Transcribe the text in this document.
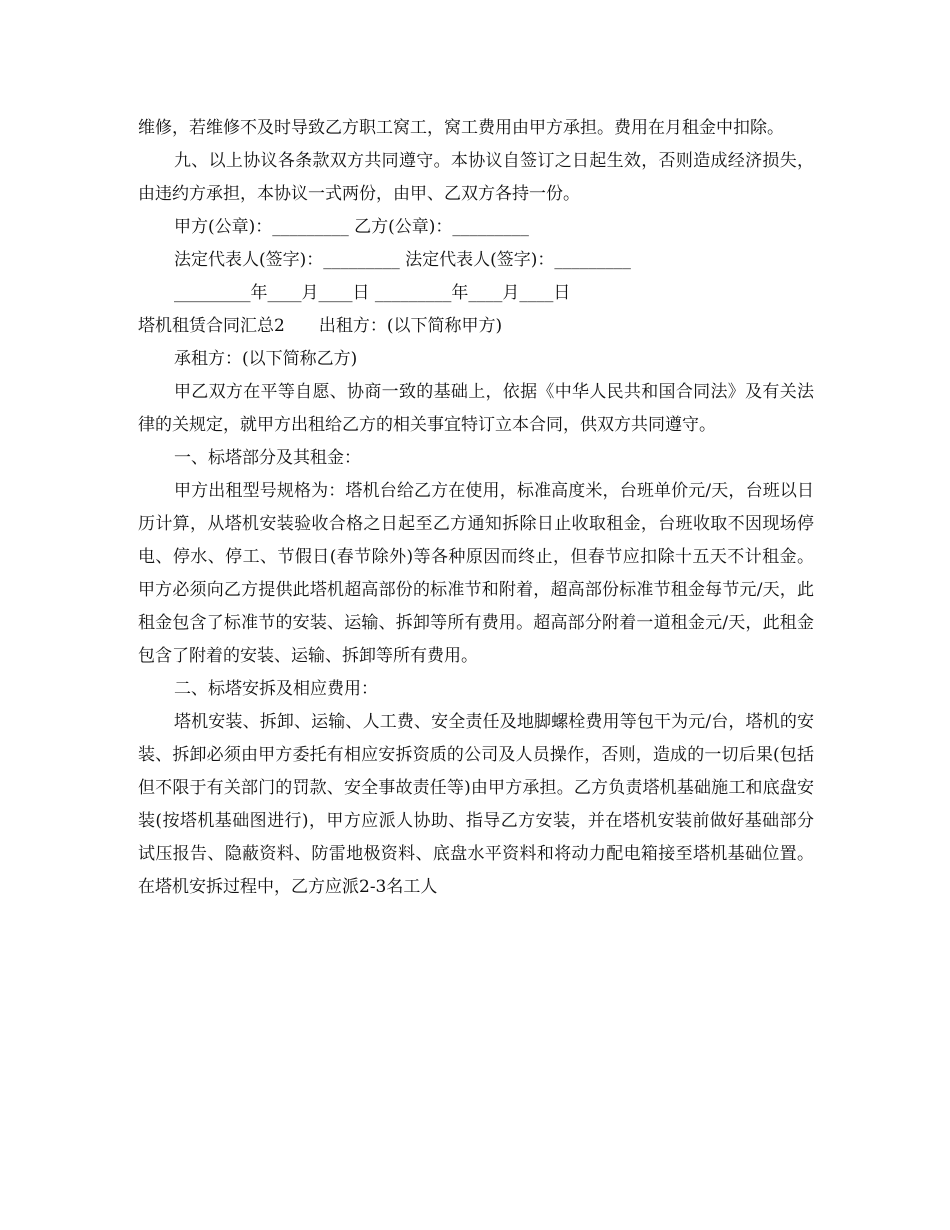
维修，若维修不及时导致乙方职工窝工，窝工费用由甲方承担。费用在月租金中扣除。

九、以上协议各条款双方共同遵守。本协议自签订之日起生效，否则造成经济损失，由违约方承担，本协议一式两份，由甲、乙双方各持一份。

甲方(公章)：_________ 乙方(公章)：_________

法定代表人(签字)：_________ 法定代表人(签字)：_________

_________年____月____日 _________年____月____日

塔机租赁合同汇总2　　出租方：(以下简称甲方)

承租方：(以下简称乙方)

甲乙双方在平等自愿、协商一致的基础上，依据《中华人民共和国合同法》及有关法律的关规定，就甲方出租给乙方的相关事宜特订立本合同，供双方共同遵守。

一、标塔部分及其租金：

甲方出租型号规格为：塔机台给乙方在使用，标准高度米，台班单价元/天，台班以日历计算，从塔机安装验收合格之日起至乙方通知拆除日止收取租金，台班收取不因现场停电、停水、停工、节假日(春节除外)等各种原因而终止，但春节应扣除十五天不计租金。甲方必须向乙方提供此塔机超高部份的标准节和附着，超高部份标准节租金每节元/天，此租金包含了标准节的安装、运输、拆卸等所有费用。超高部分附着一道租金元/天，此租金包含了附着的安装、运输、拆卸等所有费用。

二、标塔安拆及相应费用：

塔机安装、拆卸、运输、人工费、安全责任及地脚螺栓费用等包干为元/台，塔机的安装、拆卸必须由甲方委托有相应安拆资质的公司及人员操作，否则，造成的一切后果(包括但不限于有关部门的罚款、安全事故责任等)由甲方承担。乙方负责塔机基础施工和底盘安装(按塔机基础图进行)，甲方应派人协助、指导乙方安装，并在塔机安装前做好基础部分试压报告、隐蔽资料、防雷地极资料、底盘水平资料和将动力配电箱接至塔机基础位置。在塔机安拆过程中，乙方应派2-3名工人
